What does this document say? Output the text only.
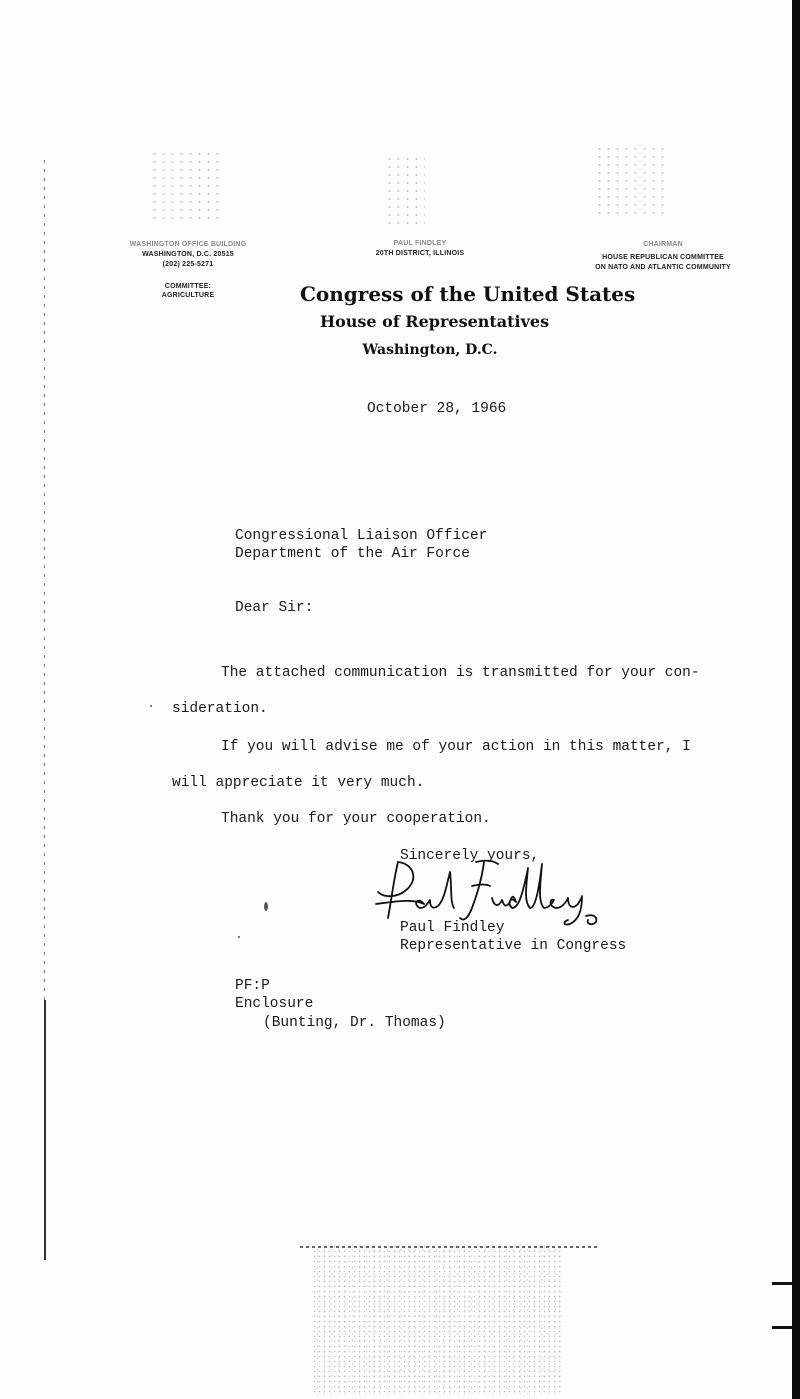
WASHINGTON OFFICE BUILDING
WASHINGTON, D.C. 20515
(202) 225-5271
COMMITTEE:
AGRICULTURE
PAUL FINDLEY
20TH DISTRICT, ILLINOIS
CHAIRMAN
HOUSE REPUBLICAN COMMITTEE
ON NATO AND ATLANTIC COMMUNITY
Congress of the United States
House of Representatives
Washington, D.C.
October 28, 1966
Congressional Liaison Officer
Department of the Air Force
Dear Sir:
The attached communication is transmitted for your con-
sideration.
If you will advise me of your action in this matter, I
will appreciate it very much.
Thank you for your cooperation.
Sincerely yours,
Paul Findley
Representative in Congress
PF:P
Enclosure
(Bunting, Dr. Thomas)
